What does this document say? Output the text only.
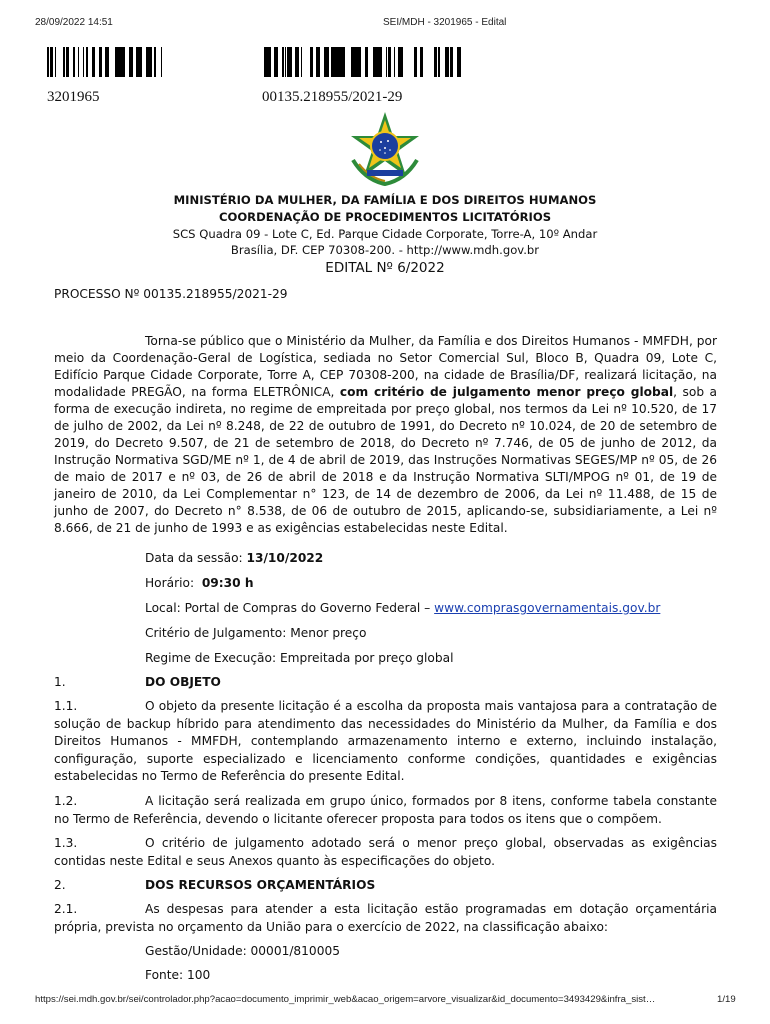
28/09/2022 14:51	SEI/MDH - 3201965 - Edital
3201965	00135.218955/2021-29
MINISTÉRIO DA MULHER, DA FAMÍLIA E DOS DIREITOS HUMANOS
COORDENAÇÃO DE PROCEDIMENTOS LICITATÓRIOS
SCS Quadra 09 - Lote C, Ed. Parque Cidade Corporate, Torre-A, 10º Andar
Brasília, DF. CEP 70308-200. - http://www.mdh.gov.br
EDITAL Nº 6/2022
PROCESSO Nº 00135.218955/2021-29
Torna-se público que o Ministério da Mulher, da Família e dos Direitos Humanos - MMFDH, por meio da Coordenação-Geral de Logística, sediada no Setor Comercial Sul, Bloco B, Quadra 09, Lote C, Edifício Parque Cidade Corporate, Torre A, CEP 70308-200, na cidade de Brasília/DF, realizará licitação, na modalidade PREGÃO, na forma ELETRÔNICA, com critério de julgamento menor preço global, sob a forma de execução indireta, no regime de empreitada por preço global, nos termos da Lei nº 10.520, de 17 de julho de 2002, da Lei nº 8.248, de 22 de outubro de 1991, do Decreto nº 10.024, de 20 de setembro de 2019, do Decreto 9.507, de 21 de setembro de 2018, do Decreto nº 7.746, de 05 de junho de 2012, da Instrução Normativa SGD/ME nº 1, de 4 de abril de 2019, das Instruções Normativas SEGES/MP nº 05, de 26 de maio de 2017 e nº 03, de 26 de abril de 2018 e da Instrução Normativa SLTI/MPOG nº 01, de 19 de janeiro de 2010, da Lei Complementar n° 123, de 14 de dezembro de 2006, da Lei nº 11.488, de 15 de junho de 2007, do Decreto n° 8.538, de 06 de outubro de 2015, aplicando-se, subsidiariamente, a Lei nº 8.666, de 21 de junho de 1993 e as exigências estabelecidas neste Edital.
Data da sessão: 13/10/2022
Horário:  09:30 h
Local: Portal de Compras do Governo Federal – www.comprasgovernamentais.gov.br
Critério de Julgamento: Menor preço
Regime de Execução: Empreitada por preço global
1.	DO OBJETO
1.1.	O objeto da presente licitação é a escolha da proposta mais vantajosa para a contratação de solução de backup híbrido para atendimento das necessidades do Ministério da Mulher, da Família e dos Direitos Humanos - MMFDH, contemplando armazenamento interno e externo, incluindo instalação, configuração, suporte especializado e licenciamento conforme condições, quantidades e exigências estabelecidas no Termo de Referência do presente Edital.
1.2.	A licitação será realizada em grupo único, formados por 8 itens, conforme tabela constante no Termo de Referência, devendo o licitante oferecer proposta para todos os itens que o compõem.
1.3.	O critério de julgamento adotado será o menor preço global, observadas as exigências contidas neste Edital e seus Anexos quanto às especificações do objeto.
2.	DOS RECURSOS ORÇAMENTÁRIOS
2.1.	As despesas para atender a esta licitação estão programadas em dotação orçamentária própria, prevista no orçamento da União para o exercício de 2022, na classificação abaixo:
Gestão/Unidade: 00001/810005
Fonte: 100
https://sei.mdh.gov.br/sei/controlador.php?acao=documento_imprimir_web&acao_origem=arvore_visualizar&id_documento=3493429&infra_sist…	1/19
